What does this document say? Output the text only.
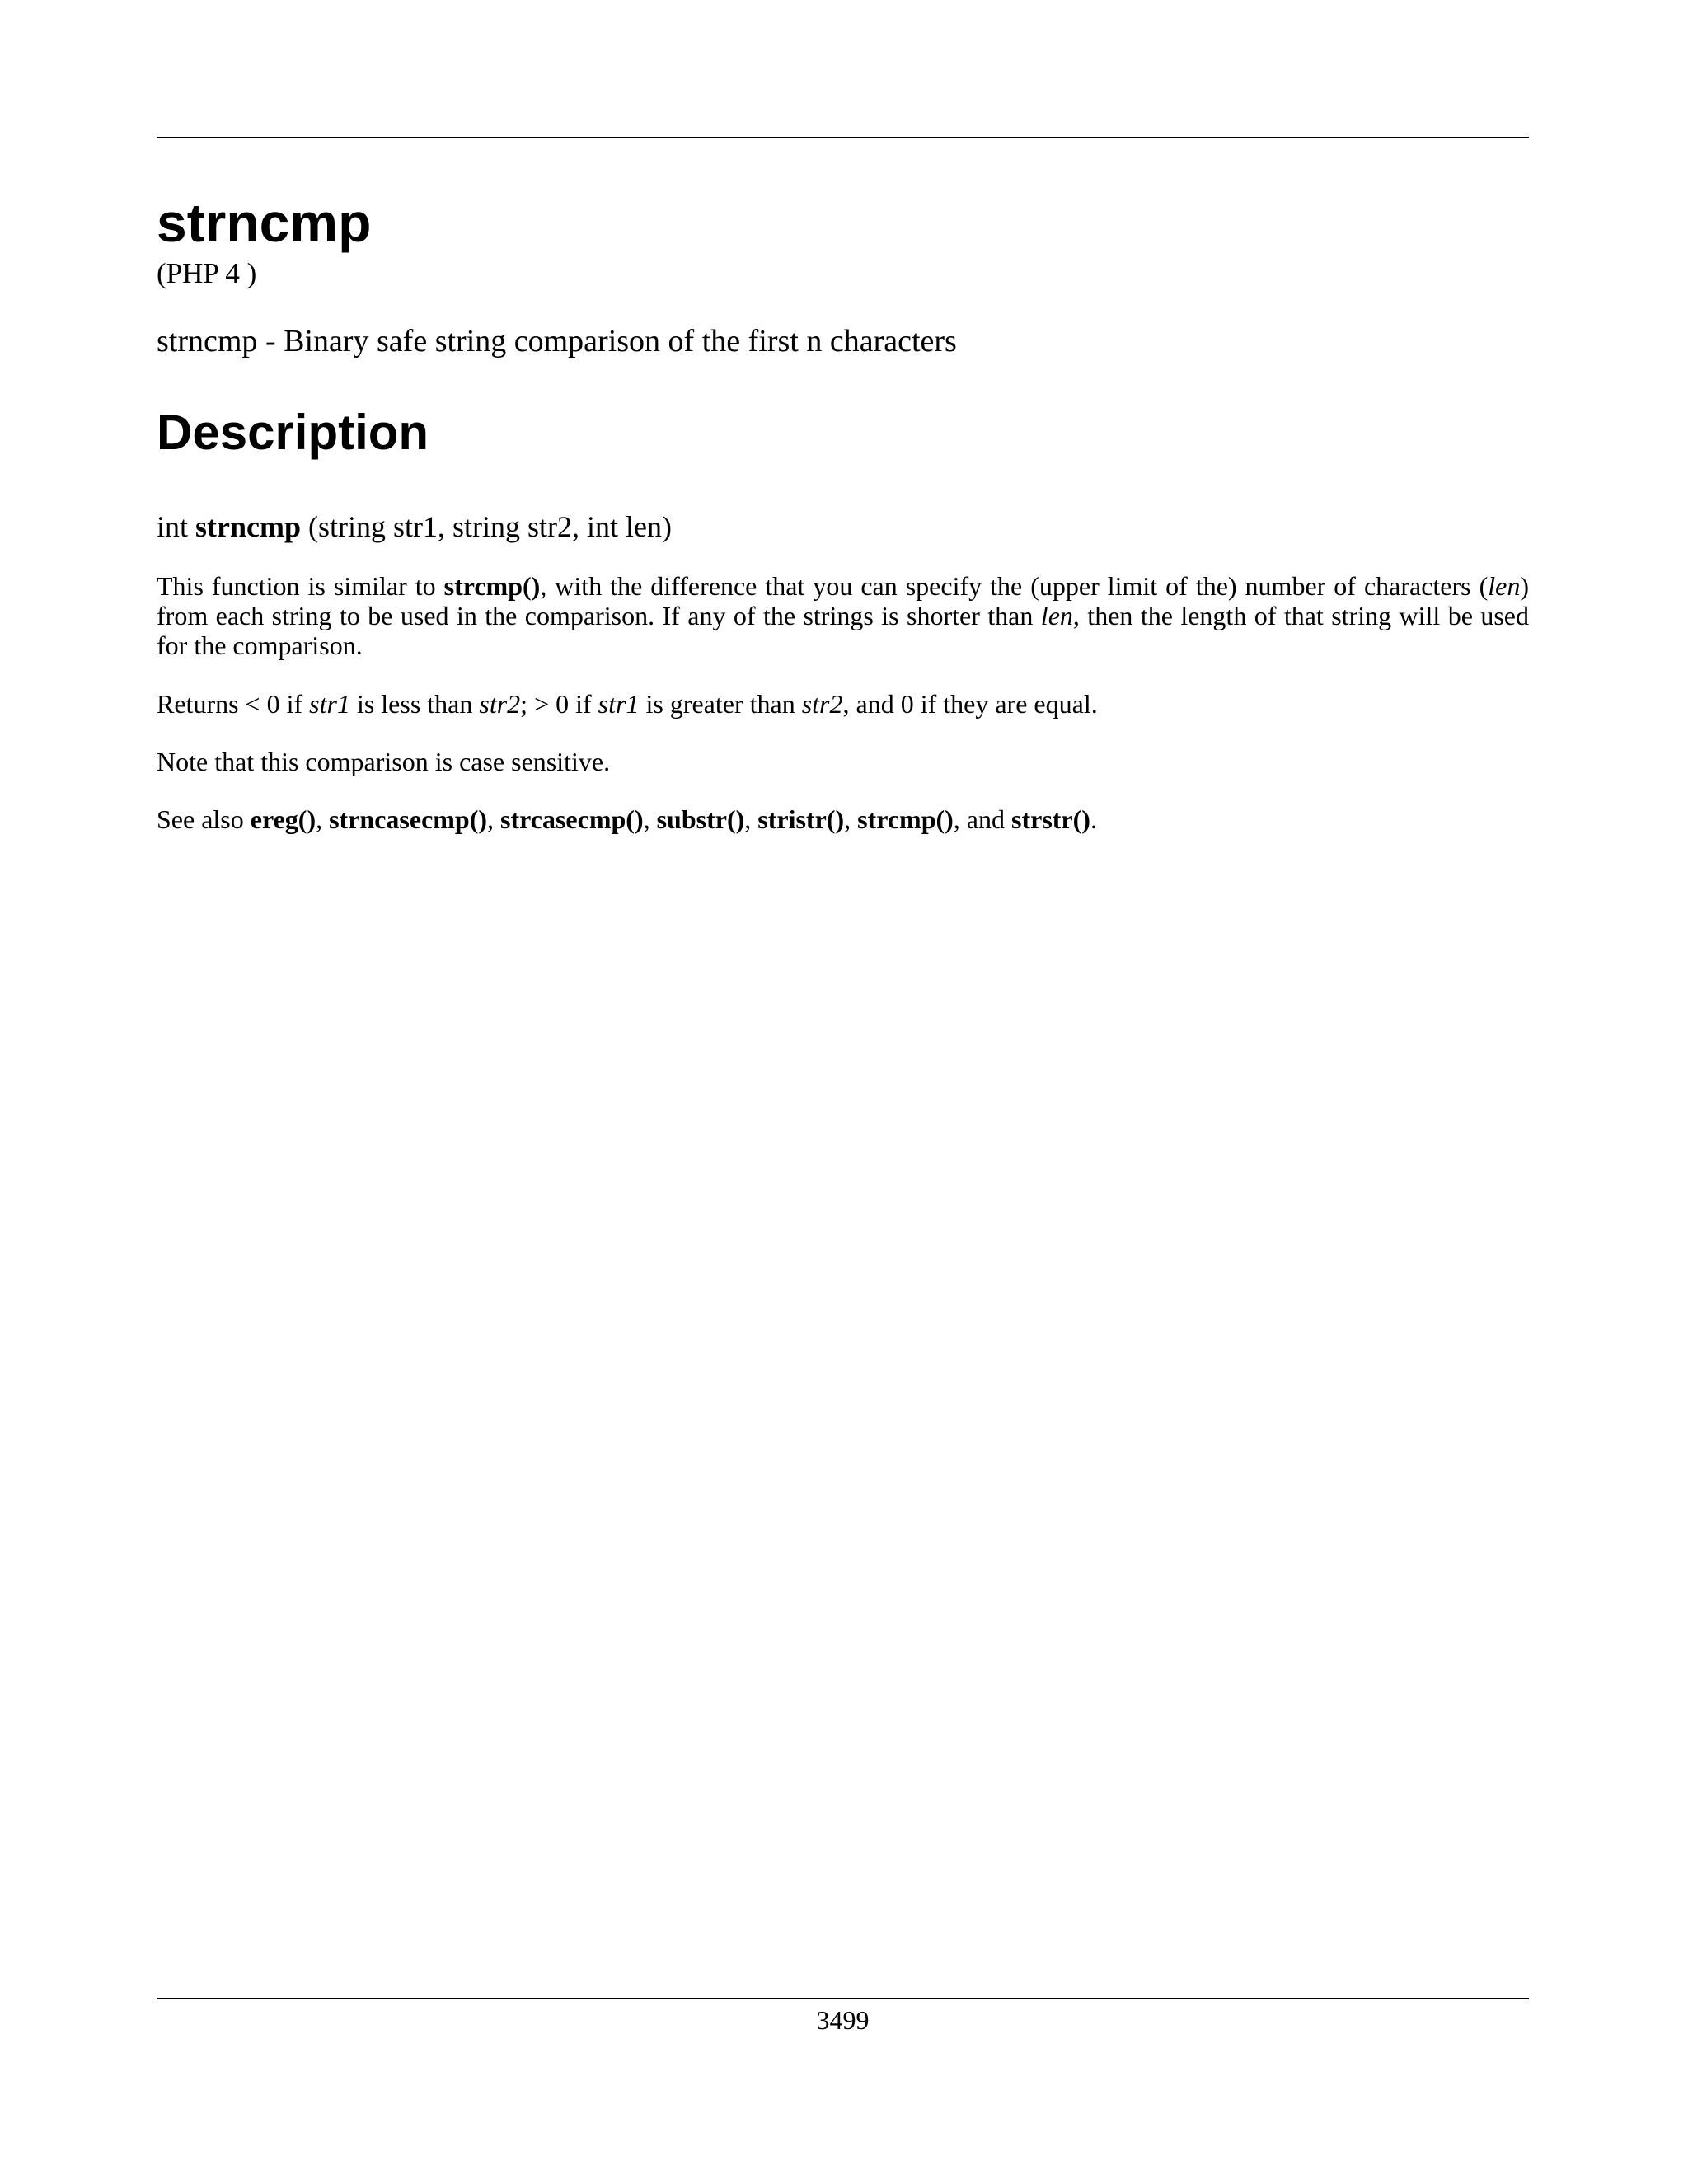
strncmp
(PHP 4 )
strncmp - Binary safe string comparison of the first n characters
Description
int strncmp (string str1, string str2, int len)

This function is similar to strcmp(), with the difference that you can specify the (upper limit of the) number of characters (len) from each string to be used in the comparison. If any of the strings is shorter than len, then the length of that string will be used for the comparison.

Returns < 0 if str1 is less than str2; > 0 if str1 is greater than str2, and 0 if they are equal.

Note that this comparison is case sensitive.

See also ereg(), strncasecmp(), strcasecmp(), substr(), stristr(), strcmp(), and strstr().

3499
